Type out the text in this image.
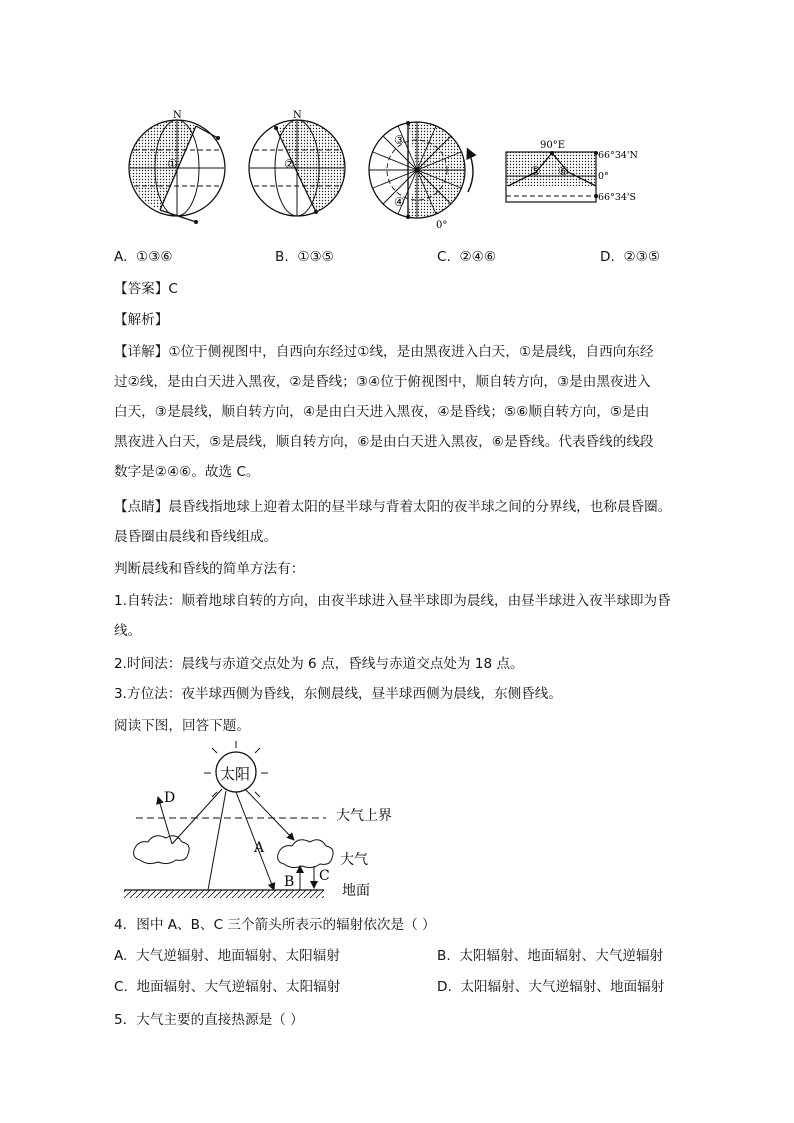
N
①
N
②
③
④
0°
90°E
⑤ ⑥
66°34'N
0°
66°34'S
A. ①③⑥	B. ①③⑤	C. ②④⑥	D. ②③⑤
【答案】C
【解析】
【详解】①位于侧视图中，自西向东经过①线，是由黑夜进入白天，①是晨线，自西向东经
过②线，是由白天进入黑夜，②是昏线；③④位于俯视图中，顺自转方向，③是由黑夜进入
白天，③是晨线，顺自转方向，④是由白天进入黑夜，④是昏线；⑤⑥顺自转方向，⑤是由
黑夜进入白天，⑤是晨线，顺自转方向，⑥是由白天进入黑夜，⑥是昏线。代表昏线的线段
数字是②④⑥。故选 C。
【点睛】晨昏线指地球上迎着太阳的昼半球与背着太阳的夜半球之间的分界线，也称晨昏圈。
晨昏圈由晨线和昏线组成。
判断晨线和昏线的简单方法有：
1.自转法：顺着地球自转的方向，由夜半球进入昼半球即为晨线，由昼半球进入夜半球即为昏
线。
2.时间法：晨线与赤道交点处为 6 点，昏线与赤道交点处为 18 点。
3.方位法：夜半球西侧为昏线，东侧晨线，昼半球西侧为晨线，东侧昏线。
阅读下图，回答下题。
太阳
大气上界
大气
地面
D
A
B C
4．图中 A、B、C 三个箭头所表示的辐射依次是（ ）
A. 大气逆辐射、地面辐射、太阳辐射	B. 太阳辐射、地面辐射、大气逆辐射
C. 地面辐射、大气逆辐射、太阳辐射	D. 太阳辐射、大气逆辐射、地面辐射
5．大气主要的直接热源是（ ）
